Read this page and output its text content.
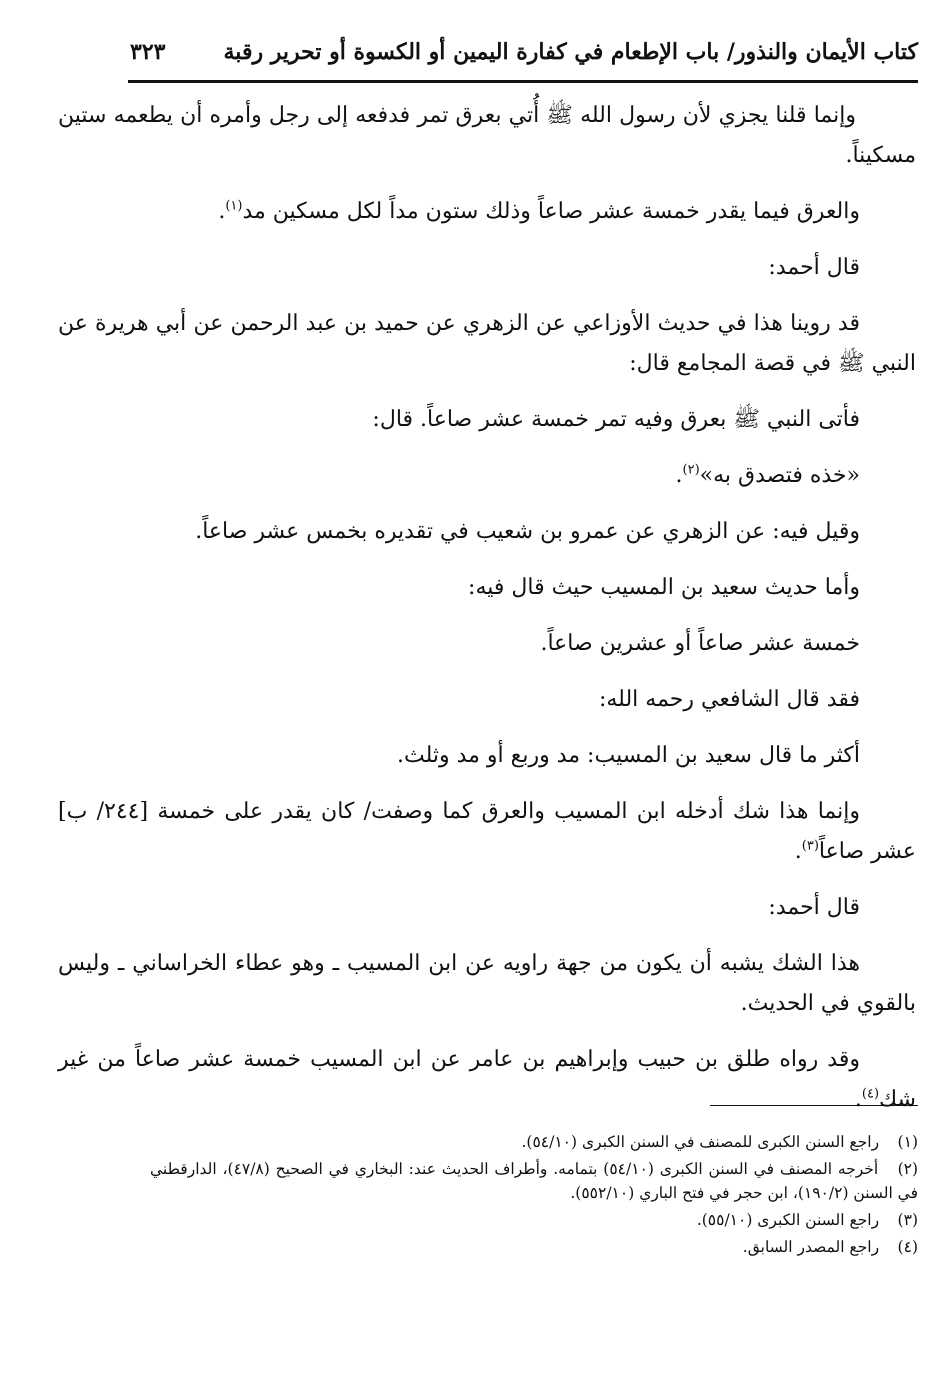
كتاب الأيمان والنذور/ باب الإطعام في كفارة اليمين أو الكسوة أو تحرير رقبة
٣٢٣

وإنما قلنا يجزي لأن رسول الله ﷺ أُتي بعرق تمر فدفعه إلى رجل وأمره أن يطعمه ستين مسكيناً.

والعرق فيما يقدر خمسة عشر صاعاً وذلك ستون مداً لكل مسكين مد$^{(١)}$.

قال أحمد:

قد روينا هذا في حديث الأوزاعي عن الزهري عن حميد بن عبد الرحمن عن أبي هريرة عن النبي ﷺ في قصة المجامع قال:

فأتى النبي ﷺ بعرق وفيه تمر خمسة عشر صاعاً. قال:

«خذه فتصدق به»$^{(٢)}$.

وقيل فيه: عن الزهري عن عمرو بن شعيب في تقديره بخمس عشر صاعاً.

وأما حديث سعيد بن المسيب حيث قال فيه:

خمسة عشر صاعاً أو عشرين صاعاً.

فقد قال الشافعي رحمه الله:

أكثر ما قال سعيد بن المسيب: مد وربع أو مد وثلث.

وإنما هذا شك أدخله ابن المسيب والعرق كما وصفت/ كان يقدر على خمسة [٢٤٤/ ب] عشر صاعاً$^{(٣)}$.

قال أحمد:

هذا الشك يشبه أن يكون من جهة راويه عن ابن المسيب ـ وهو عطاء الخراساني ـ وليس بالقوي في الحديث.

وقد رواه طلق بن حبيب وإبراهيم بن عامر عن ابن المسيب خمسة عشر صاعاً من غير شك$^{(٤)}$.

(١) راجع السنن الكبرى للمصنف في السنن الكبرى (٥٤/١٠).

(٢) أخرجه المصنف في السنن الكبرى (٥٤/١٠) بتمامه. وأطراف الحديث عند: البخاري في الصحيح (٤٧/٨)، الدارقطني في السنن (١٩٠/٢)، ابن حجر في فتح الباري (٥٥٢/١٠).

(٣) راجع السنن الكبرى (٥٥/١٠).

(٤) راجع المصدر السابق.
